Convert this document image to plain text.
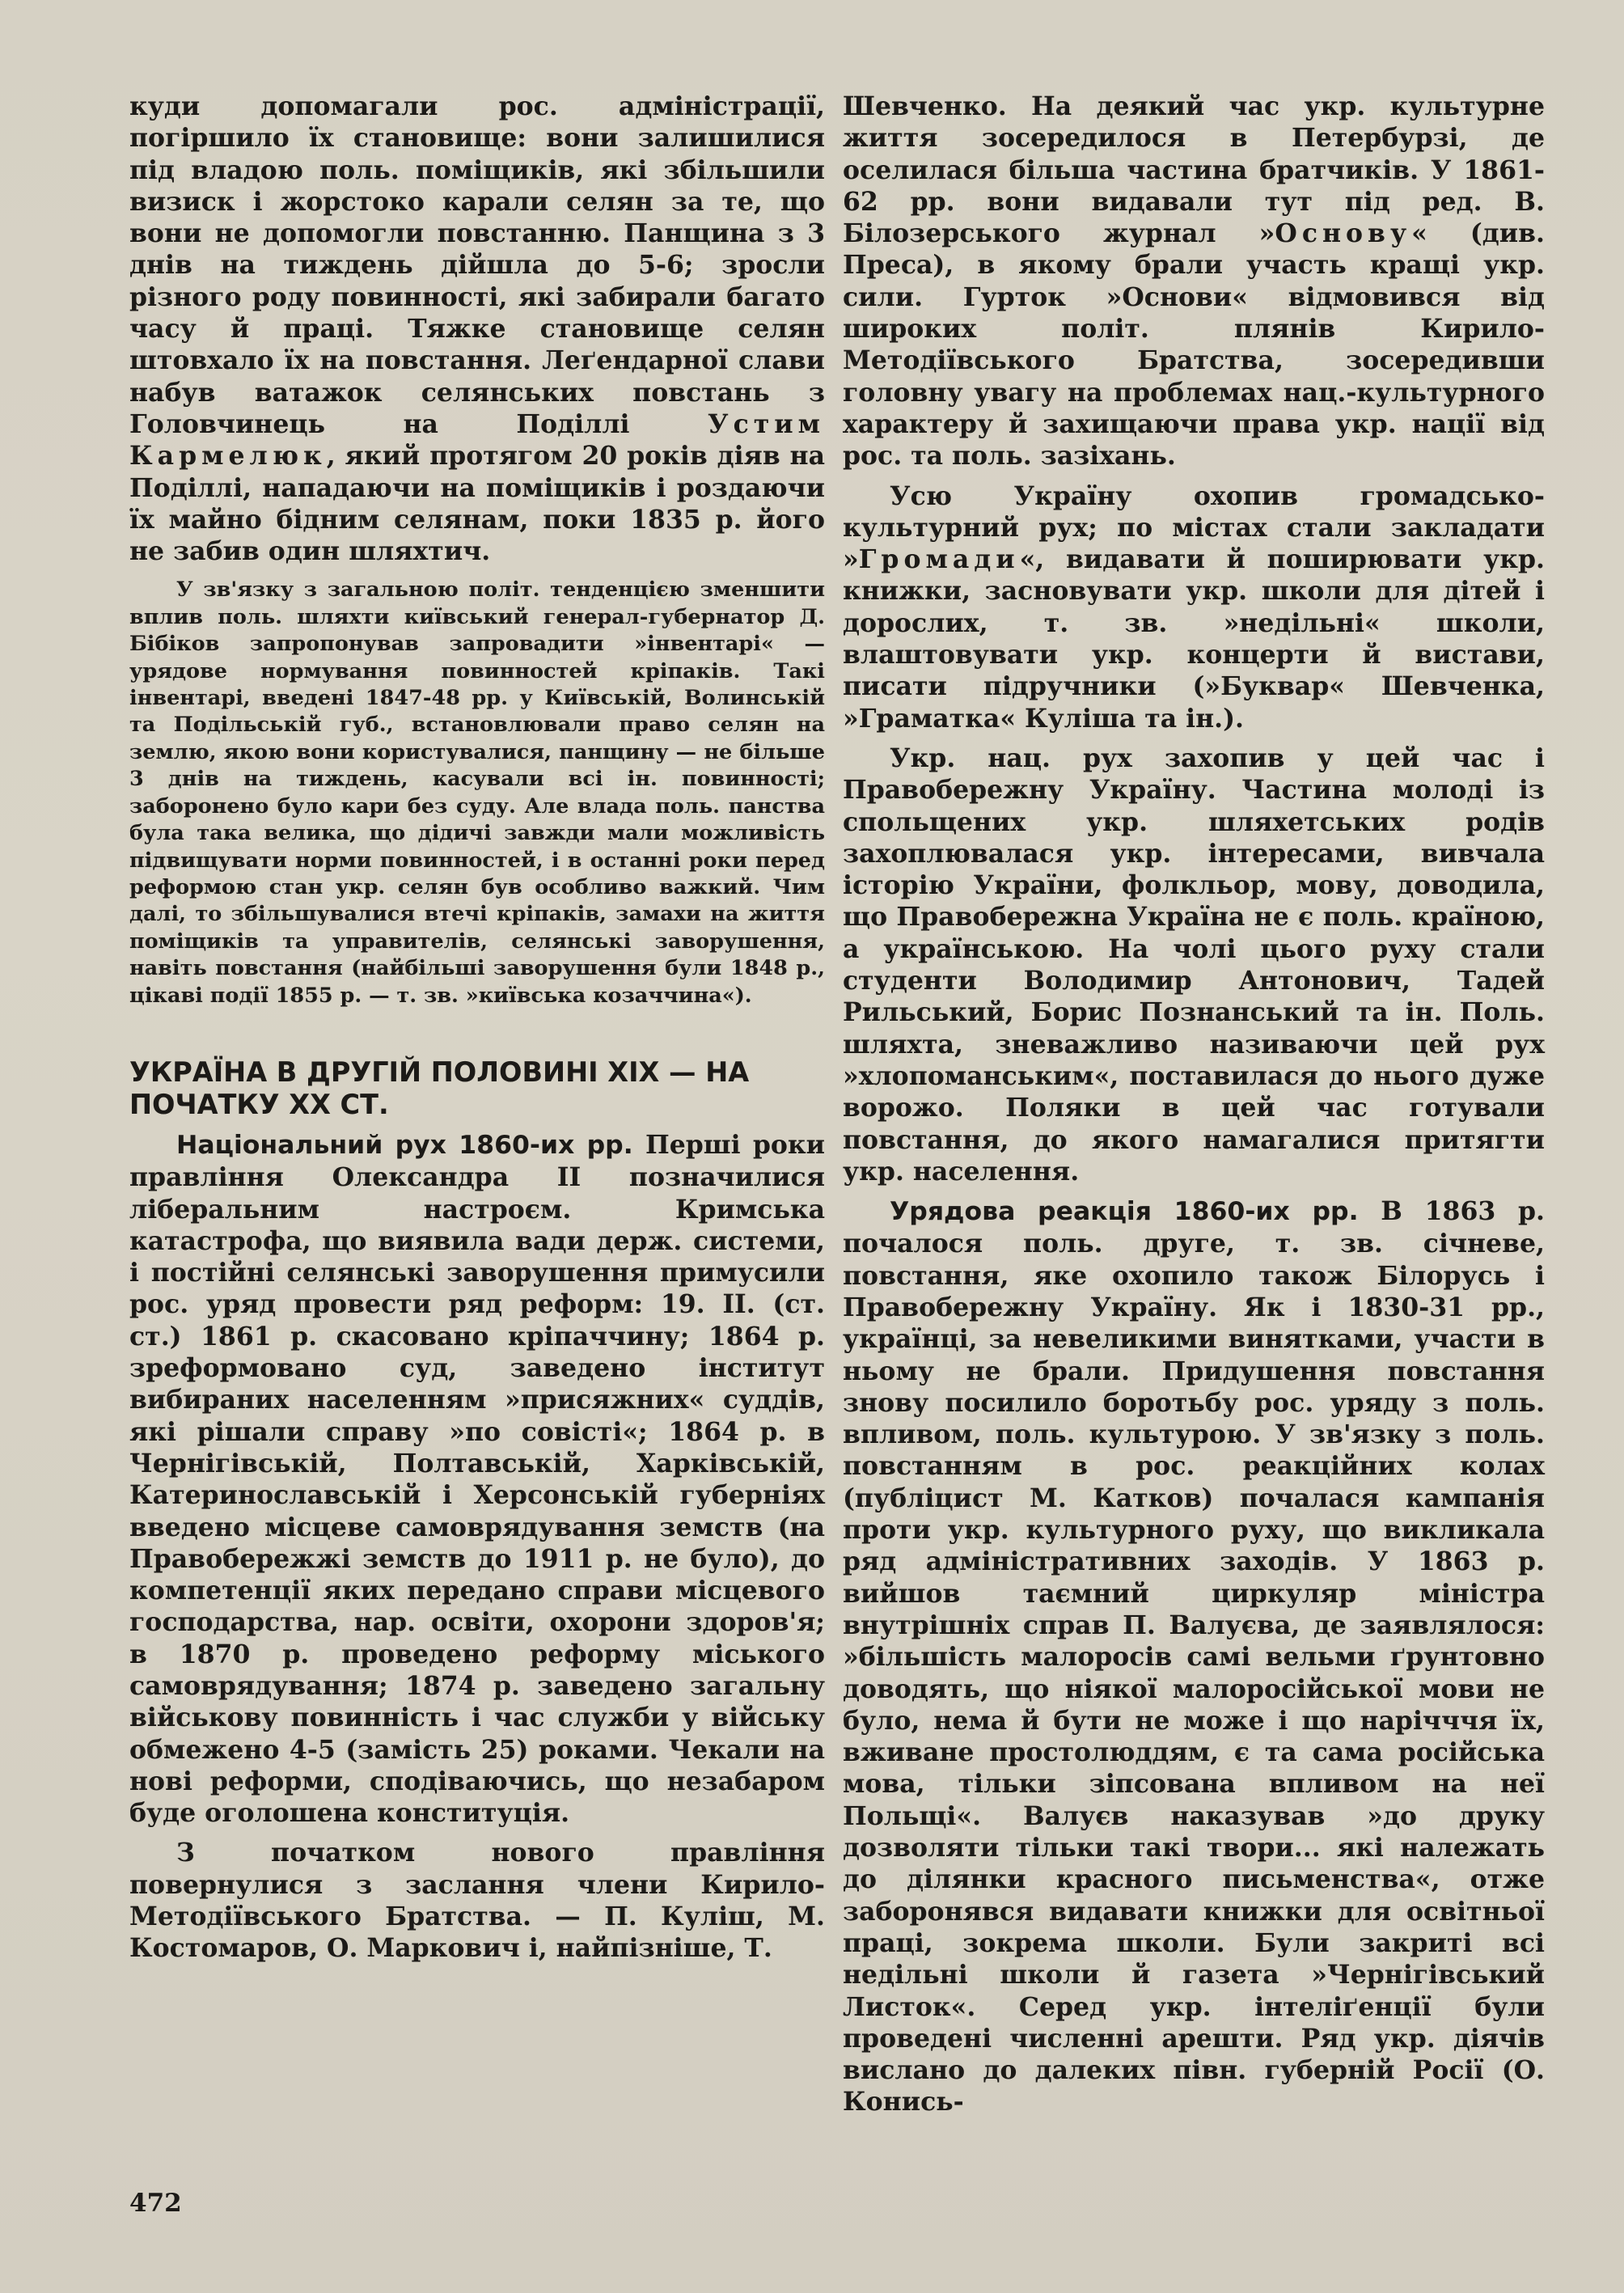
куди допомагали рос. адміністрації, погіршило їх становище: вони залишилися під владою поль. поміщиків, які збільшили визиск і жорстоко карали селян за те, що вони не допомогли повстанню. Панщина з 3 днів на тиждень дійшла до 5-6; зросли різного роду повинності, які забирали багато часу й праці. Тяжке становище селян штовхало їх на повстання. Леґендарної слави набув ватажок селянських повстань з Головчинець на Поділлі	Устим Кармелюк, який протягом 20 років діяв на Поділлі, нападаючи на поміщиків і роздаючи їх майно бідним селянам, поки 1835 р. його не забив один шляхтич.

У зв'язку з загальною політ. тенденцією зменшити вплив поль. шляхти київський генерал-губернатор Д. Бібіков запропонував запровадити »інвентарі« — урядове нормування повинностей кріпаків. Такі інвентарі, введені 1847-48 рр. у Київській, Волинській та Подільській губ., встановлювали право селян на землю, якою вони користувалися, панщину — не більше 3 днів на тиждень, касували всі ін. повинності; заборонено було кари без суду. Але влада поль. панства була така велика, що дідичі завжди мали можливість підвищувати норми повинностей, і в останні роки перед реформою стан укр. селян був особливо важкий. Чим далі, то збільшувалися втечі кріпаків, замахи на життя поміщиків та управителів, селянські заворушення, навіть повстання (найбільші заворушення були 1848 р., цікаві події 1855 р. — т. зв. »київська козаччина«).

УКРАЇНА В ДРУГІЙ ПОЛОВИНІ XIX — НА ПОЧАТКУ XX СТ.

Національний рух 1860-их рр. Перші роки правління Олександра II позначилися ліберальним настроєм. Кримська катастрофа, що виявила вади держ. системи, і постійні селянські заворушення примусили рос. уряд провести ряд реформ: 19. II. (ст. ст.) 1861 р. скасовано кріпаччину; 1864 р. зреформовано суд, заведено інститут вибираних населенням »присяжних« суддів, які рішали справу »по совісті«; 1864 р. в Чернігівській, Полтавській, Харківській, Катеринославській і Херсонській губерніях введено місцеве самоврядування земств (на Правобережжі земств до 1911 р. не було), до компетенції яких передано справи місцевого господарства, нар. освіти, охорони здоров'я; в 1870 р. проведено реформу міського самоврядування; 1874 р. заведено загальну військову повинність і час служби у війську обмежено 4-5 (замість 25) роками. Чекали на нові реформи, сподіваючись, що незабаром буде оголошена конституція.

З початком нового правління повернулися з заслання члени Кирило-Методіївського Братства. — П. Куліш, М. Костомаров, О. Маркович і, найпізніше, Т.

Шевченко. На деякий час укр. культурне життя зосередилося в Петербурзі, де оселилася більша частина братчиків. У 1861-62 рр. вони видавали тут під ред. В. Білозерського журнал »Основу« (див. Преса), в якому брали участь кращі укр. сили. Гурток »Основи« відмовився від широких політ. плянів Кирило-Методіївського Братства, зосередивши головну увагу на проблемах нац.-культурного характеру й захищаючи права укр. нації від рос. та поль. зазіхань.

Усю Україну охопив громадсько-культурний рух; по містах стали закладати »Громади«, видавати й поширювати укр. книжки, засновувати укр. школи для дітей і дорослих, т. зв. »недільні« школи, влаштовувати укр. концерти й вистави, писати підручники (»Буквар« Шевченка, »Граматка« Куліша та ін.).

Укр. нац. рух захопив у цей час і Правобережну Україну. Частина молоді із спольщених укр. шляхетських родів захоплювалася укр. інтересами, вивчала історію України, фолкльор, мову, доводила, що Правобережна Україна не є поль. країною, а українською. На чолі цього руху стали студенти Володимир Антонович, Тадей Рильський, Борис Познанський та ін. Поль. шляхта, зневажливо називаючи цей рух »хлопоманським«, поставилася до нього дуже ворожо. Поляки в цей час готували повстання, до якого намагалися притягти укр. населення.

Урядова реакція 1860-их рр. В 1863 р. почалося поль. друге, т. зв. січневе, повстання, яке охопило також Білорусь і Правобережну Україну. Як і 1830-31 рр., українці, за невеликими винятками, участи в ньому не брали. Придушення повстання знову посилило боротьбу рос. уряду з поль. впливом, поль. культурою. У зв'язку з поль. повстанням в рос. реакційних колах (публіцист М. Катков) почалася кампанія проти укр. культурного руху, що викликала ряд адміністративних заходів. У 1863 р. вийшов таємний циркуляр міністра внутрішніх справ П. Валуєва, де заявлялося: »більшість малоросів самі вельми ґрунтовно доводять, що ніякої малоросійської мови не було, нема й бути не може і що нарічччя їх, вживане простолюддям, є та сама російська мова, тільки зіпсована впливом на неї Польщі«. Валуєв наказував »до друку дозволяти тільки такі твори... які належать до ділянки красного письменства«, отже заборонявся видавати книжки для освітньої праці, зокрема школи. Були закриті всі недільні школи й газета »Чернігівський Листок«. Серед укр. інтеліґенції були проведені численні арешти. Ряд укр. діячів вислано до далеких півн. губерній Росії (О. Конись-

472
